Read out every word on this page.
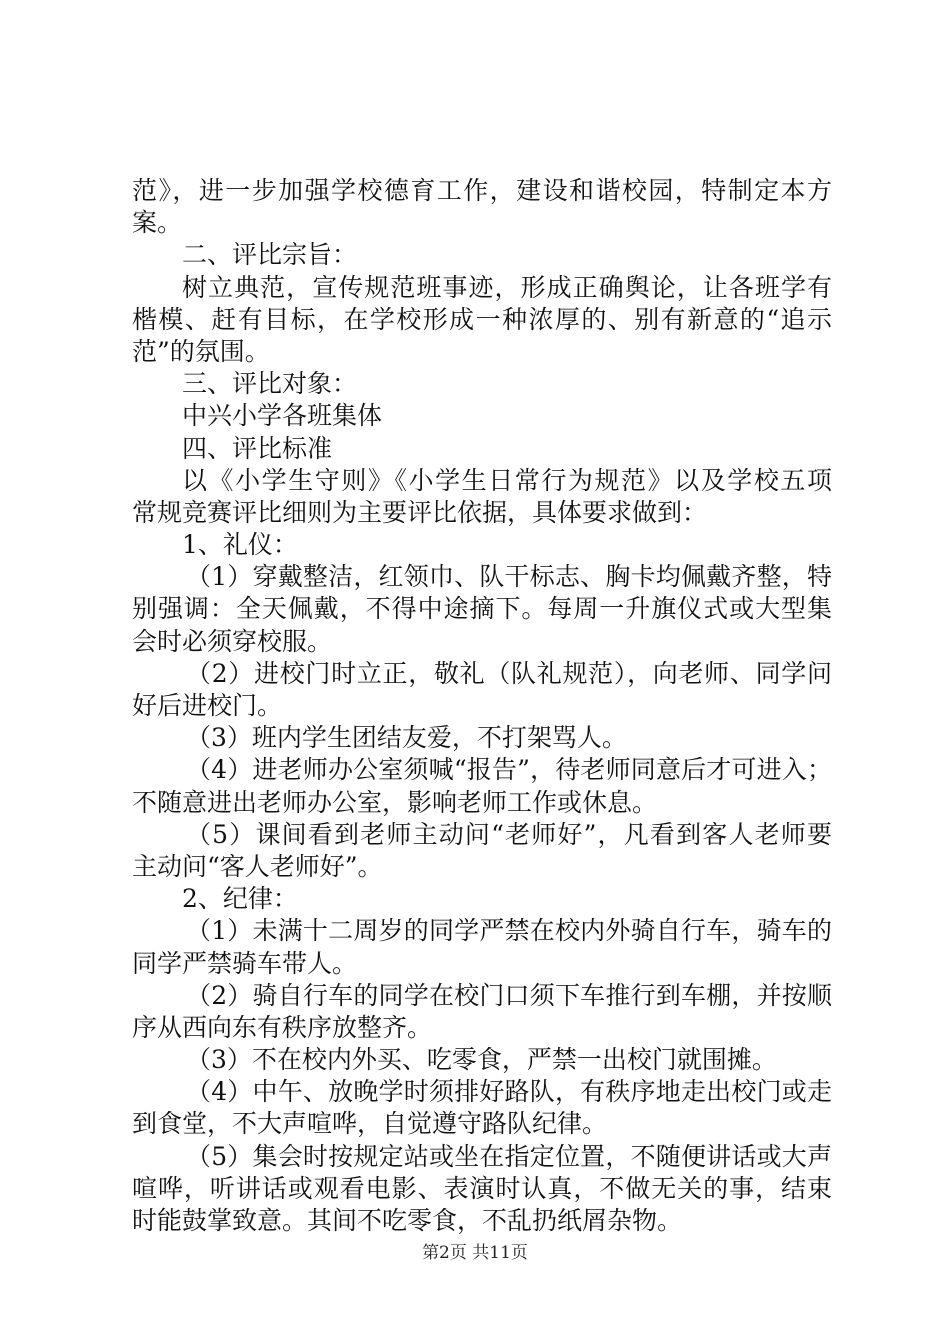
范》，进一步加强学校德育工作，建设和谐校园，特制定本方
案。
二、评比宗旨：
树立典范，宣传规范班事迹，形成正确舆论，让各班学有
楷模、赶有目标，在学校形成一种浓厚的、别有新意的“追示
范”的氛围。
三、评比对象：
中兴小学各班集体
四、评比标准
以《小学生守则》《小学生日常行为规范》以及学校五项
常规竞赛评比细则为主要评比依据，具体要求做到：
1、礼仪：
（1）穿戴整洁，红领巾、队干标志、胸卡均佩戴齐整，特
别强调：全天佩戴，不得中途摘下。每周一升旗仪式或大型集
会时必须穿校服。
（2）进校门时立正，敬礼（队礼规范），向老师、同学问
好后进校门。
（3）班内学生团结友爱，不打架骂人。
（4）进老师办公室须喊“报告”，待老师同意后才可进入；
不随意进出老师办公室，影响老师工作或休息。
（5）课间看到老师主动问“老师好”，凡看到客人老师要
主动问“客人老师好”。
2、纪律：
（1）未满十二周岁的同学严禁在校内外骑自行车，骑车的
同学严禁骑车带人。
（2）骑自行车的同学在校门口须下车推行到车棚，并按顺
序从西向东有秩序放整齐。
（3）不在校内外买、吃零食，严禁一出校门就围摊。
（4）中午、放晚学时须排好路队，有秩序地走出校门或走
到食堂，不大声喧哗，自觉遵守路队纪律。
（5）集会时按规定站或坐在指定位置，不随便讲话或大声
喧哗，听讲话或观看电影、表演时认真，不做无关的事，结束
时能鼓掌致意。其间不吃零食，不乱扔纸屑杂物。
第2页 共11页
